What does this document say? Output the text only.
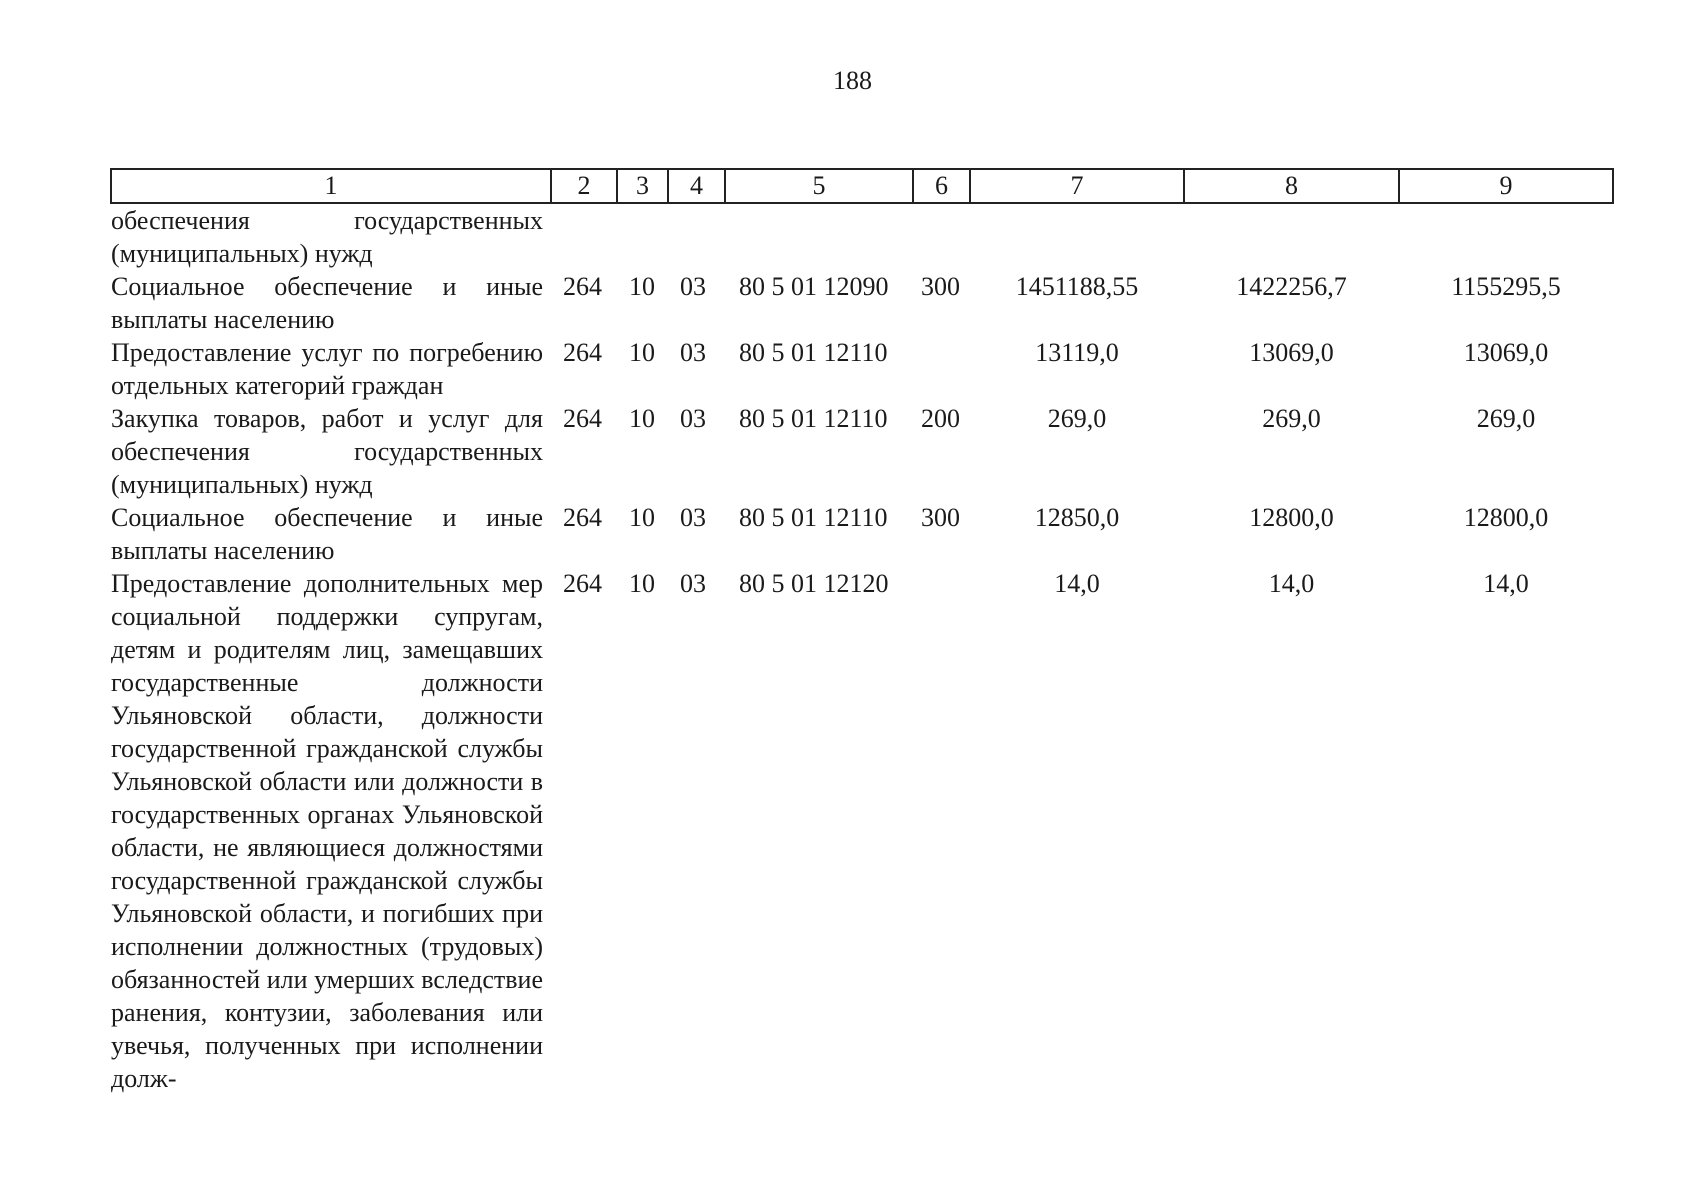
188
1	2	3	4	5	6	7	8	9
обеспечения государственных (муниципальных) нужд								
Социальное обеспечение и иные выплаты населению	264	10	03	80 5 01 12090	300	1451188,55	1422256,7	1155295,5
Предоставление услуг по погребению отдельных категорий граждан	264	10	03	80 5 01 12110		13119,0	13069,0	13069,0
Закупка товаров, работ и услуг для обеспечения государственных (муниципальных) нужд	264	10	03	80 5 01 12110	200	269,0	269,0	269,0
Социальное обеспечение и иные выплаты населению	264	10	03	80 5 01 12110	300	12850,0	12800,0	12800,0
Предоставление дополнительных мер социальной поддержки супругам, детям и родителям лиц, замещавших государственные должности Ульяновской области, должности государственной гражданской службы Ульяновской области или должности в государственных органах Ульяновской области, не являющиеся должностями государственной гражданской службы Ульяновской области, и погибших при исполнении должностных (трудовых) обязанностей или умерших вследствие ранения, контузии, заболевания или увечья, полученных при исполнении долж-	264	10	03	80 5 01 12120		14,0	14,0	14,0
